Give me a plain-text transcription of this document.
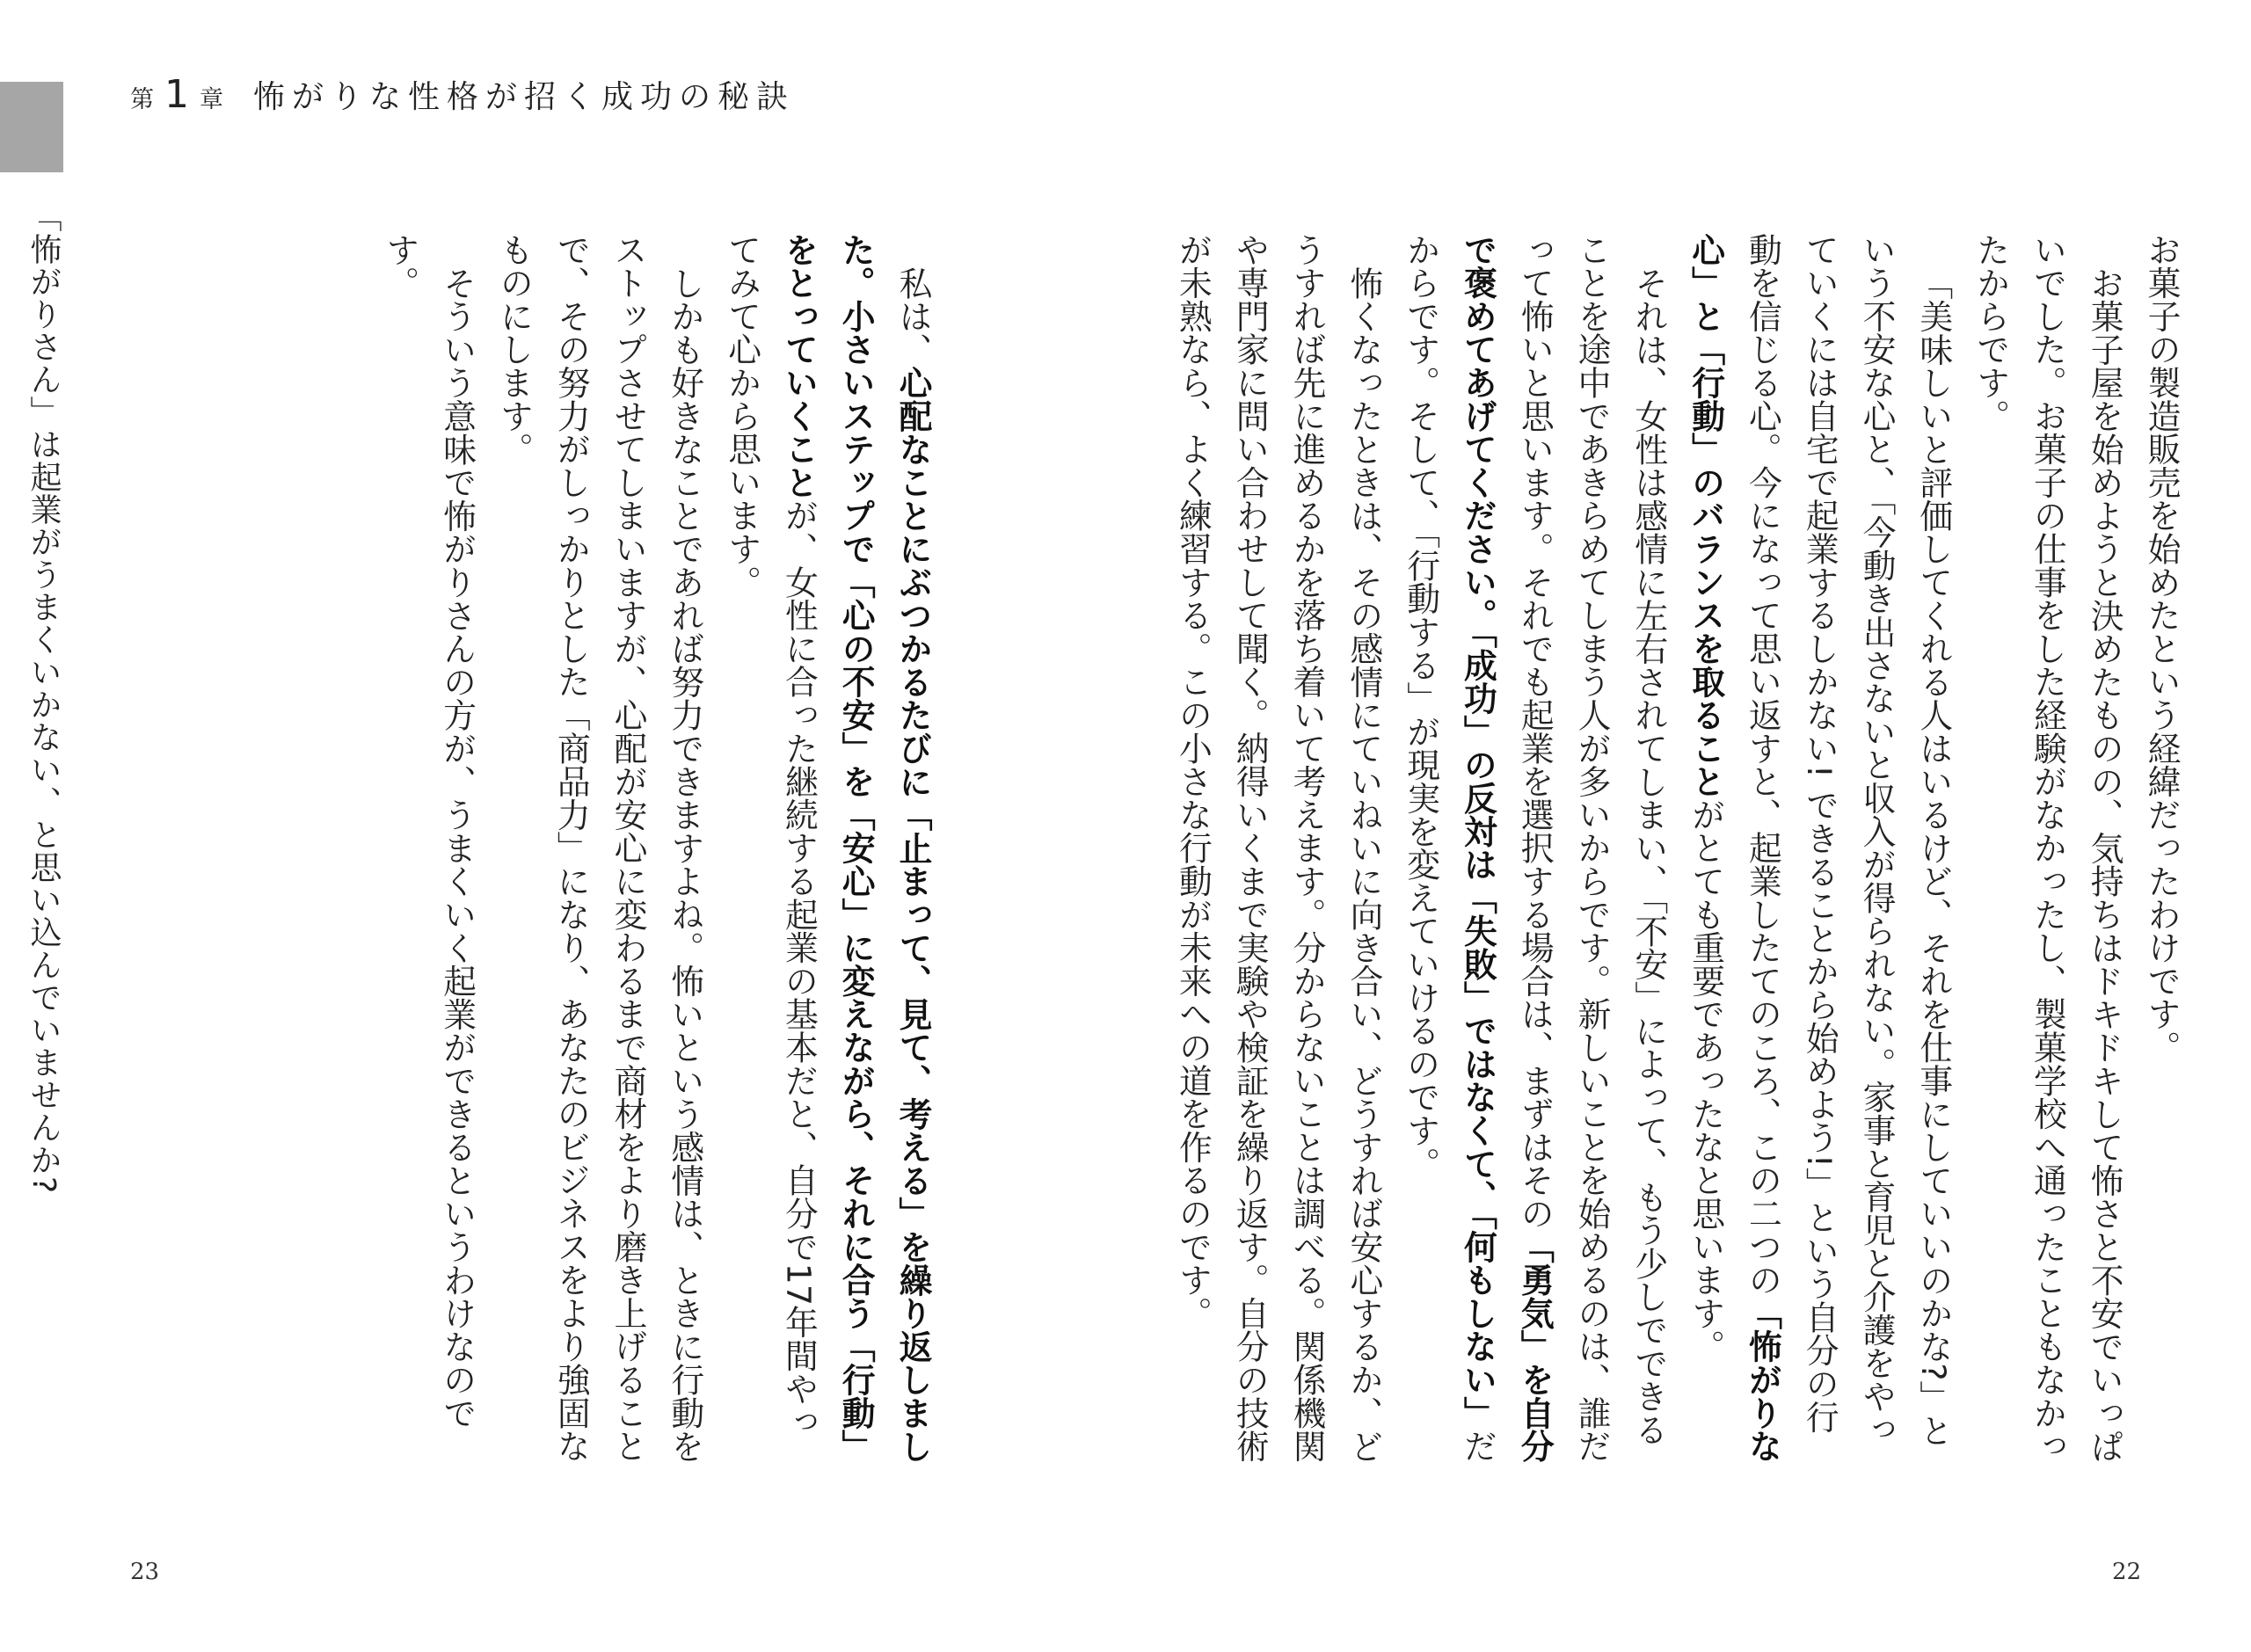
第 1 章 怖がりな性格が招く成功の秘訣
「怖がりさん」は起業がうまくいかない、と思い込んでいませんか?	お菓子の製造販売を始めたという経緯だったわけです。

お菓子屋を始めようと決めたものの、気持ちはドキドキして怖さと不安でいっぱいでした。お菓子の仕事をした経験がなかったし、製菓学校へ通ったこともなかったからです。

「美味しいと評価してくれる人はいるけど、それを仕事にしていいのかな?」という不安な心と、「今動き出さないと収入が得られない。家事と育児と介護をやっていくには自宅で起業するしかない! できることから始めよう!」という自分の行動を信じる心。今になって思い返すと、起業したてのころ、この二つの「怖がりな心」と「行動」のバランスを取ることがとても重要であったなと思います。

それは、女性は感情に左右されてしまい、「不安」によって、もう少しでできることを途中であきらめてしまう人が多いからです。新しいことを始めるのは、誰だって怖いと思います。それでも起業を選択する場合は、まずはその「勇気」を自分で褒めてあげてください。「成功」の反対は「失敗」ではなくて、「何もしない」だからです。そして、「行動する」が現実を変えていけるのです。

怖くなったときは、その感情にていねいに向き合い、どうすれば安心するか、どうすれば先に進めるかを落ち着いて考えます。分からないことは調べる。関係機関や専門家に問い合わせして聞く。納得いくまで実験や検証を繰り返す。自分の技術が未熟なら、よく練習する。この小さな行動が未来への道を作るのです。

私は、心配なことにぶつかるたびに「止まって、見て、考える」を繰り返しました。小さいステップで「心の不安」を「安心」に変えながら、それに合う「行動」をとっていくことが、女性に合った継続する起業の基本だと、自分で17年間やってみて心から思います。

しかも好きなことであれば努力できますよね。怖いという感情は、ときに行動をストップさせてしまいますが、心配が安心に変わるまで商材をより磨き上げることで、その努力がしっかりとした「商品力」になり、あなたのビジネスをより強固なものにします。

そういう意味で怖がりさんの方が、うまくいく起業ができるというわけなのです。

23	22
